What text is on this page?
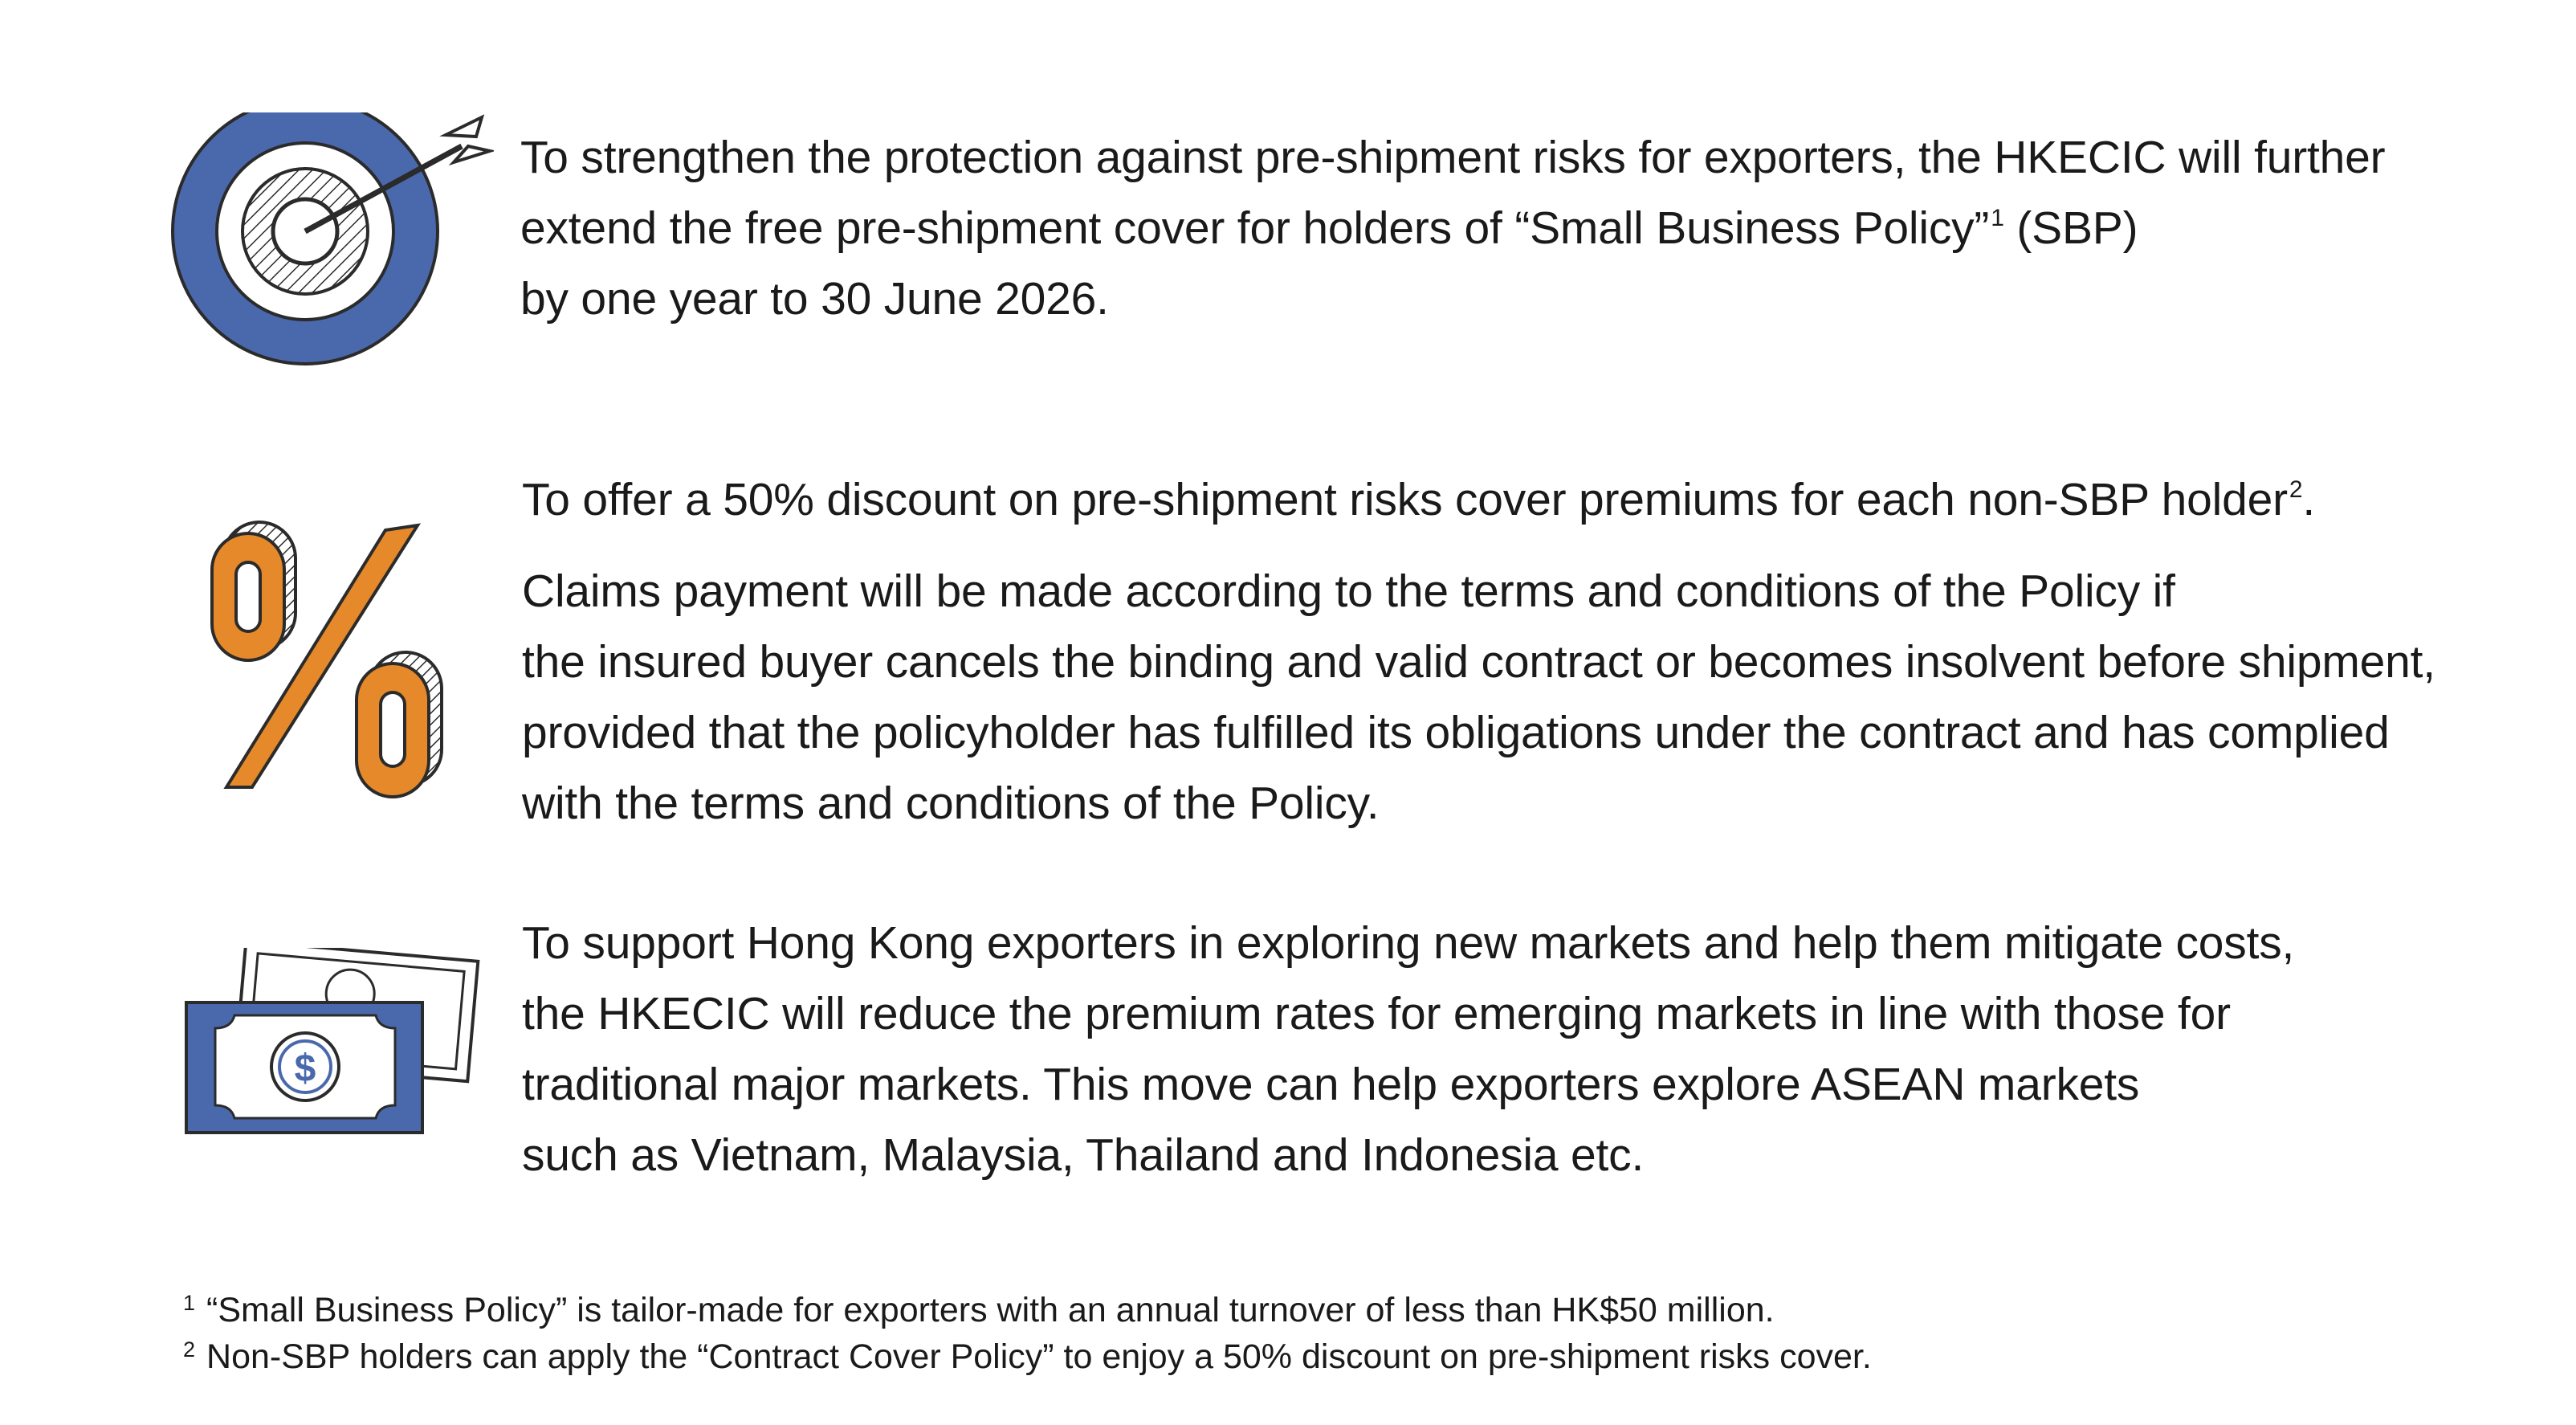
$

To strengthen the protection against pre-shipment risks for exporters, the HKECIC will further

extend the free pre-shipment cover for holders of “Small Business Policy”$^1$ (SBP)

by one year to 30 June 2026.

To offer a 50% discount on pre-shipment risks cover premiums for each non-SBP holder$^2$.

Claims payment will be made according to the terms and conditions of the Policy if

the insured buyer cancels the binding and valid contract or becomes insolvent before shipment,

provided that the policyholder has fulfilled its obligations under the contract and has complied

with the terms and conditions of the Policy.

To support Hong Kong exporters in exploring new markets and help them mitigate costs,

the HKECIC will reduce the premium rates for emerging markets in line with those for

traditional major markets. This move can help exporters explore ASEAN markets

such as Vietnam, Malaysia, Thailand and Indonesia etc.

$^1$ “Small Business Policy” is tailor-made for exporters with an annual turnover of less than HK$50 million.
$^2$ Non-SBP holders can apply the “Contract Cover Policy” to enjoy a 50% discount on pre-shipment risks cover.
